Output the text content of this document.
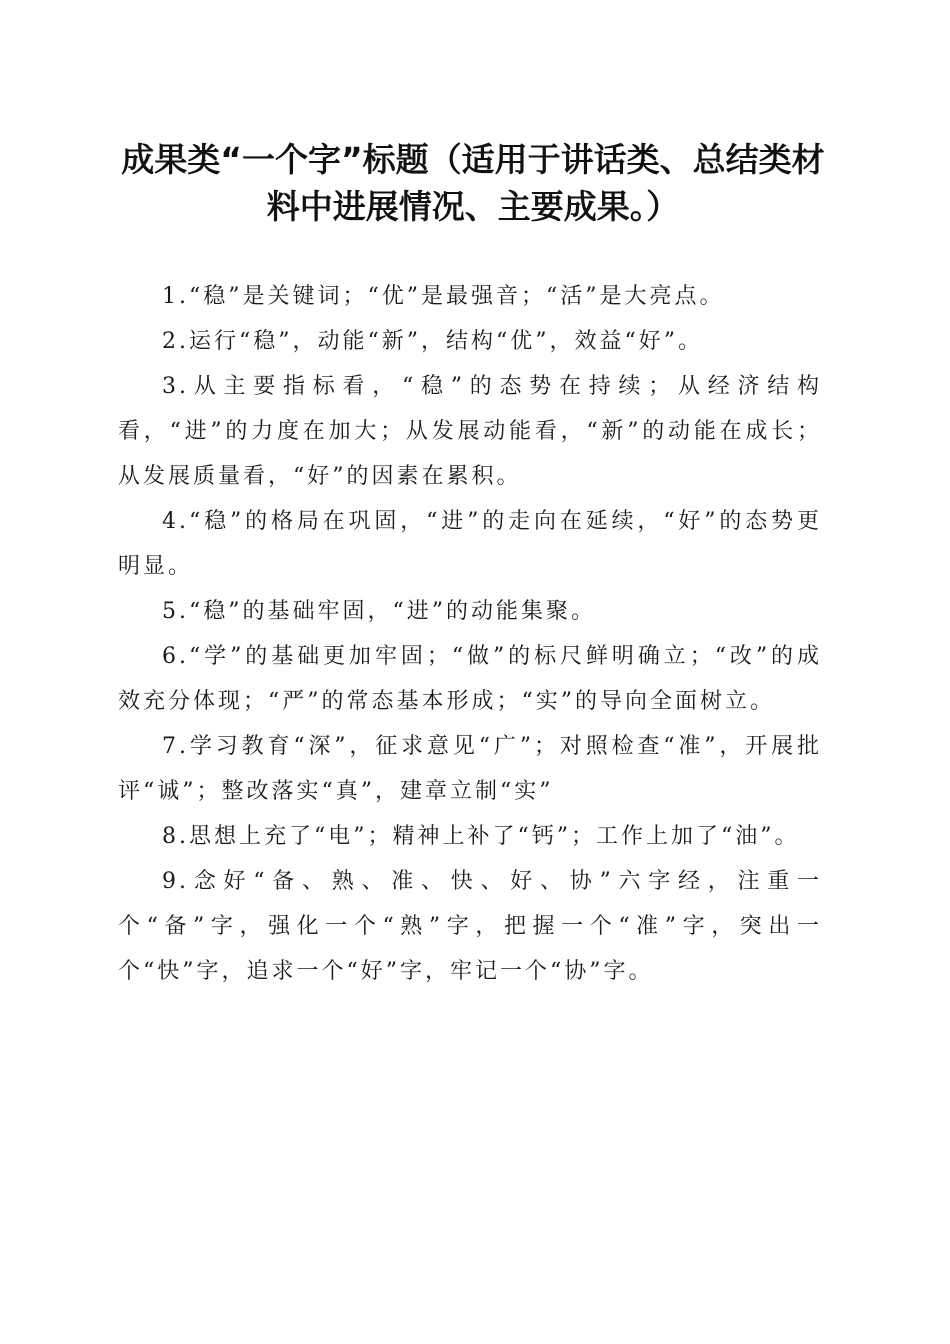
成果类“一个字”标题（适用于讲话类、总结类材料中进展情况、主要成果。）
1.“稳”是关键词；“优”是最强音；“活”是大亮点。
2.运行“稳”，动能“新”，结构“优”，效益“好”。
3.从主要指标看，“稳”的态势在持续；从经济结构看，“进”的力度在加大；从发展动能看，“新”的动能在成长；从发展质量看，“好”的因素在累积。
4.“稳”的格局在巩固，“进”的走向在延续，“好”的态势更明显。
5.“稳”的基础牢固，“进”的动能集聚。
6.“学”的基础更加牢固；“做”的标尺鲜明确立；“改”的成效充分体现；“严”的常态基本形成；“实”的导向全面树立。
7.学习教育“深”，征求意见“广”；对照检查“准”，开展批评“诚”；整改落实“真”，建章立制“实”
8.思想上充了“电”；精神上补了“钙”；工作上加了“油”。
9.念好“备、熟、准、快、好、协”六字经，注重一个“备”字，强化一个“熟”字，把握一个“准”字，突出一个“快”字，追求一个“好”字，牢记一个“协”字。
